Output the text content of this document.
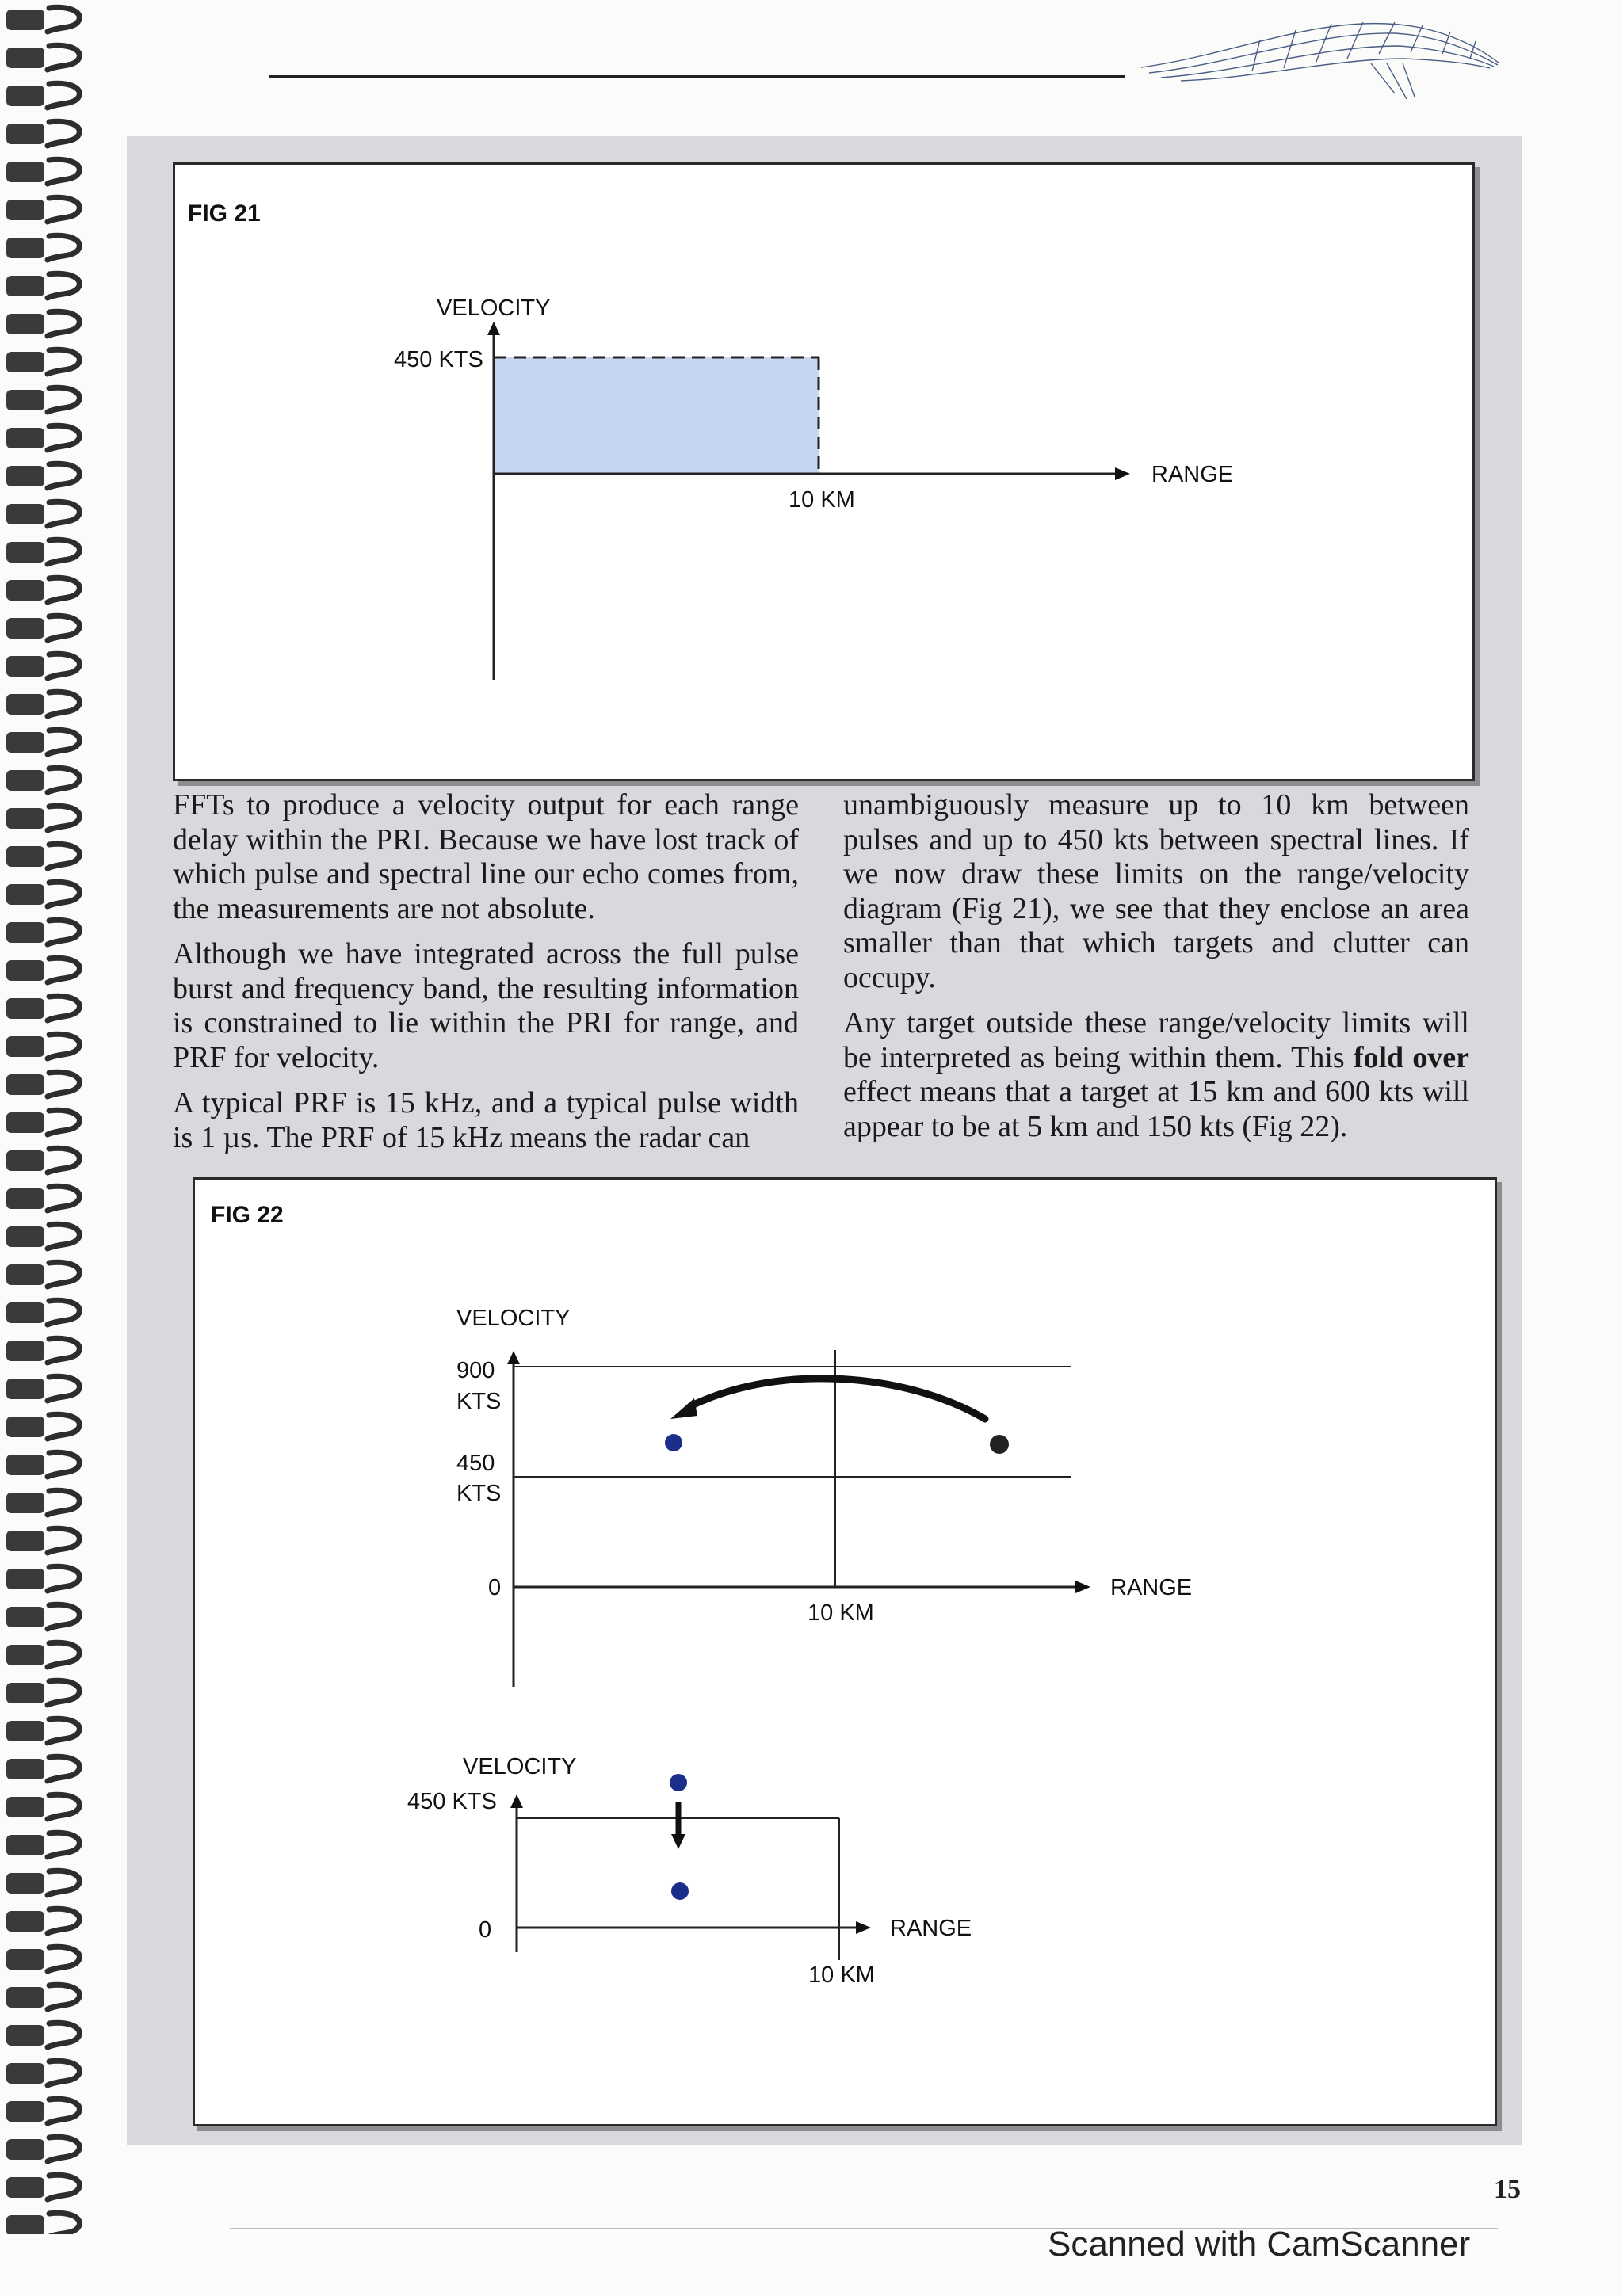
FIG 21
VELOCITY
450 KTS
RANGE
10 KM

FFTs to produce a velocity output for each range delay within the PRI. Because we have lost track of which pulse and spectral line our echo comes from, the measurements are not absolute.

Although we have integrated across the full pulse burst and frequency band, the resulting information is constrained to lie within the PRI for range, and PRF for velocity.

A typical PRF is 15 kHz, and a typical pulse width is 1 µs. The PRF of 15 kHz means the radar can

unambiguously measure up to 10 km between pulses and up to 450 kts between spectral lines. If we now draw these limits on the range/velocity diagram (Fig 21), we see that they enclose an area smaller than that which targets and clutter can occupy.

Any target outside these range/velocity limits will be interpreted as being within them. This fold over effect means that a target at 15 km and 600 kts will appear to be at 5 km and 150 kts (Fig 22).

FIG 22
VELOCITY
900
KTS
450
KTS
0	RANGE
10 KM
VELOCITY
450 KTS
0	RANGE
10 KM
15
Scanned with CamScanner
